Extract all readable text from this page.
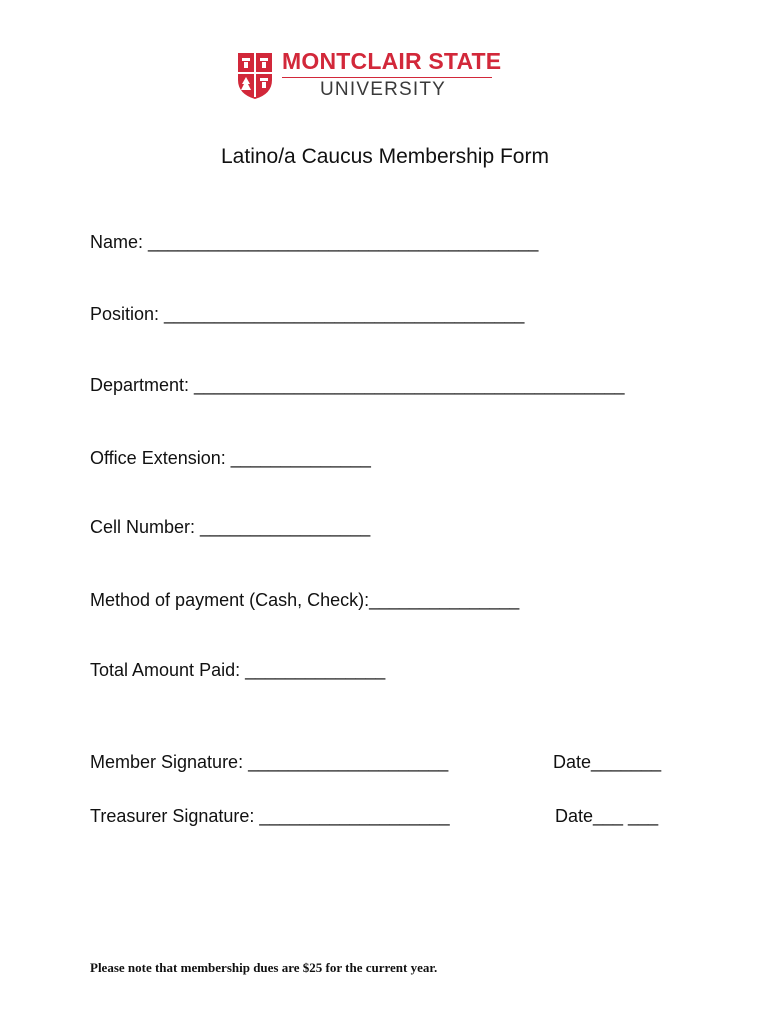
MONTCLAIR STATE
UNIVERSITY
Latino/a Caucus Membership Form
Name: _______________________________________
Position: ____________________________________
Department: ___________________________________________
Office Extension: ______________
Cell Number: _________________
Method of payment (Cash, Check):_______________
Total Amount Paid: ______________
Member Signature: ____________________	Date_______
Treasurer Signature: ___________________	Date___ ___
Please note that membership dues are $25 for the current year.
